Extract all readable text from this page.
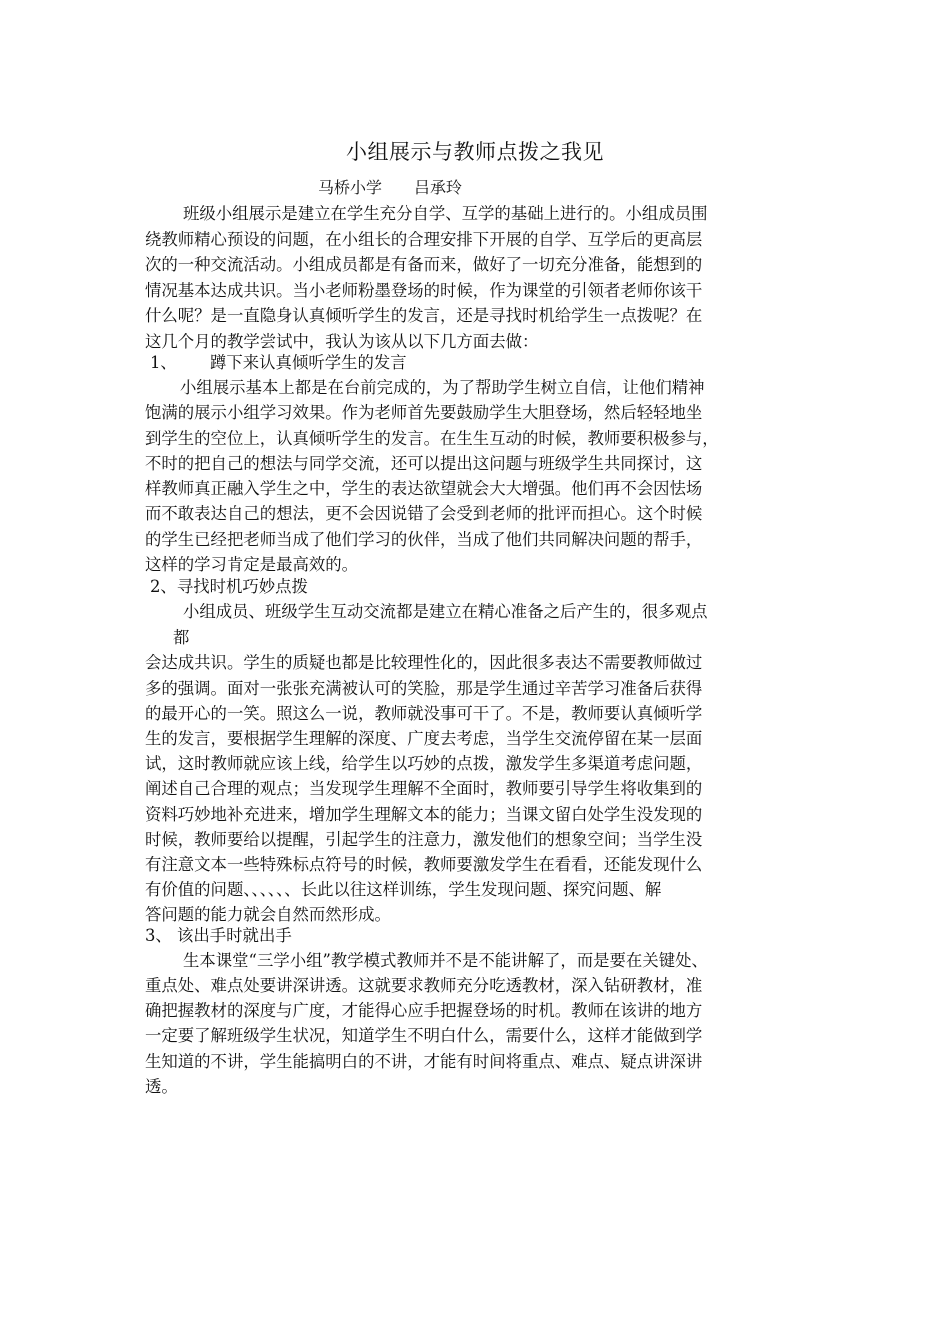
小组展示与教师点拨之我见
马桥小学　　吕承玲
班级小组展示是建立在学生充分自学、互学的基础上进行的。小组成员围
绕教师精心预设的问题，在小组长的合理安排下开展的自学、互学后的更高层
次的一种交流活动。小组成员都是有备而来，做好了一切充分准备，能想到的
情况基本达成共识。当小老师粉墨登场的时候，作为课堂的引领者老师你该干
什么呢？是一直隐身认真倾听学生的发言，还是寻找时机给学生一点拨呢？在
这几个月的教学尝试中，我认为该从以下几方面去做：
1、 蹲下来认真倾听学生的发言
小组展示基本上都是在台前完成的，为了帮助学生树立自信，让他们精神
饱满的展示小组学习效果。作为老师首先要鼓励学生大胆登场，然后轻轻地坐
到学生的空位上，认真倾听学生的发言。在生生互动的时候，教师要积极参与，
不时的把自己的想法与同学交流，还可以提出这问题与班级学生共同探讨，这
样教师真正融入学生之中，学生的表达欲望就会大大增强。他们再不会因怯场
而不敢表达自己的想法，更不会因说错了会受到老师的批评而担心。这个时候
的学生已经把老师当成了他们学习的伙伴，当成了他们共同解决问题的帮手，
这样的学习肯定是最高效的。
2、寻找时机巧妙点拨
小组成员、班级学生互动交流都是建立在精心准备之后产生的，很多观点
都
会达成共识。学生的质疑也都是比较理性化的，因此很多表达不需要教师做过
多的强调。面对一张张充满被认可的笑脸，那是学生通过辛苦学习准备后获得
的最开心的一笑。照这么一说，教师就没事可干了。不是，教师要认真倾听学
生的发言，要根据学生理解的深度、广度去考虑，当学生交流停留在某一层面
试，这时教师就应该上线，给学生以巧妙的点拨，激发学生多渠道考虑问题，
阐述自己合理的观点；当发现学生理解不全面时，教师要引导学生将收集到的
资料巧妙地补充进来，增加学生理解文本的能力；当课文留白处学生没发现的
时候，教师要给以提醒，引起学生的注意力，激发他们的想象空间；当学生没
有注意文本一些特殊标点符号的时候，教师要激发学生在看看，还能发现什么
有价值的问题、、、、、、长此以往这样训练，学生发现问题、探究问题、解
答问题的能力就会自然而然形成。
3、 该出手时就出手
生本课堂“三学小组”教学模式教师并不是不能讲解了，而是要在关键处、
重点处、难点处要讲深讲透。这就要求教师充分吃透教材，深入钻研教材，准
确把握教材的深度与广度，才能得心应手把握登场的时机。教师在该讲的地方
一定要了解班级学生状况，知道学生不明白什么，需要什么，这样才能做到学
生知道的不讲，学生能搞明白的不讲，才能有时间将重点、难点、疑点讲深讲
透。
